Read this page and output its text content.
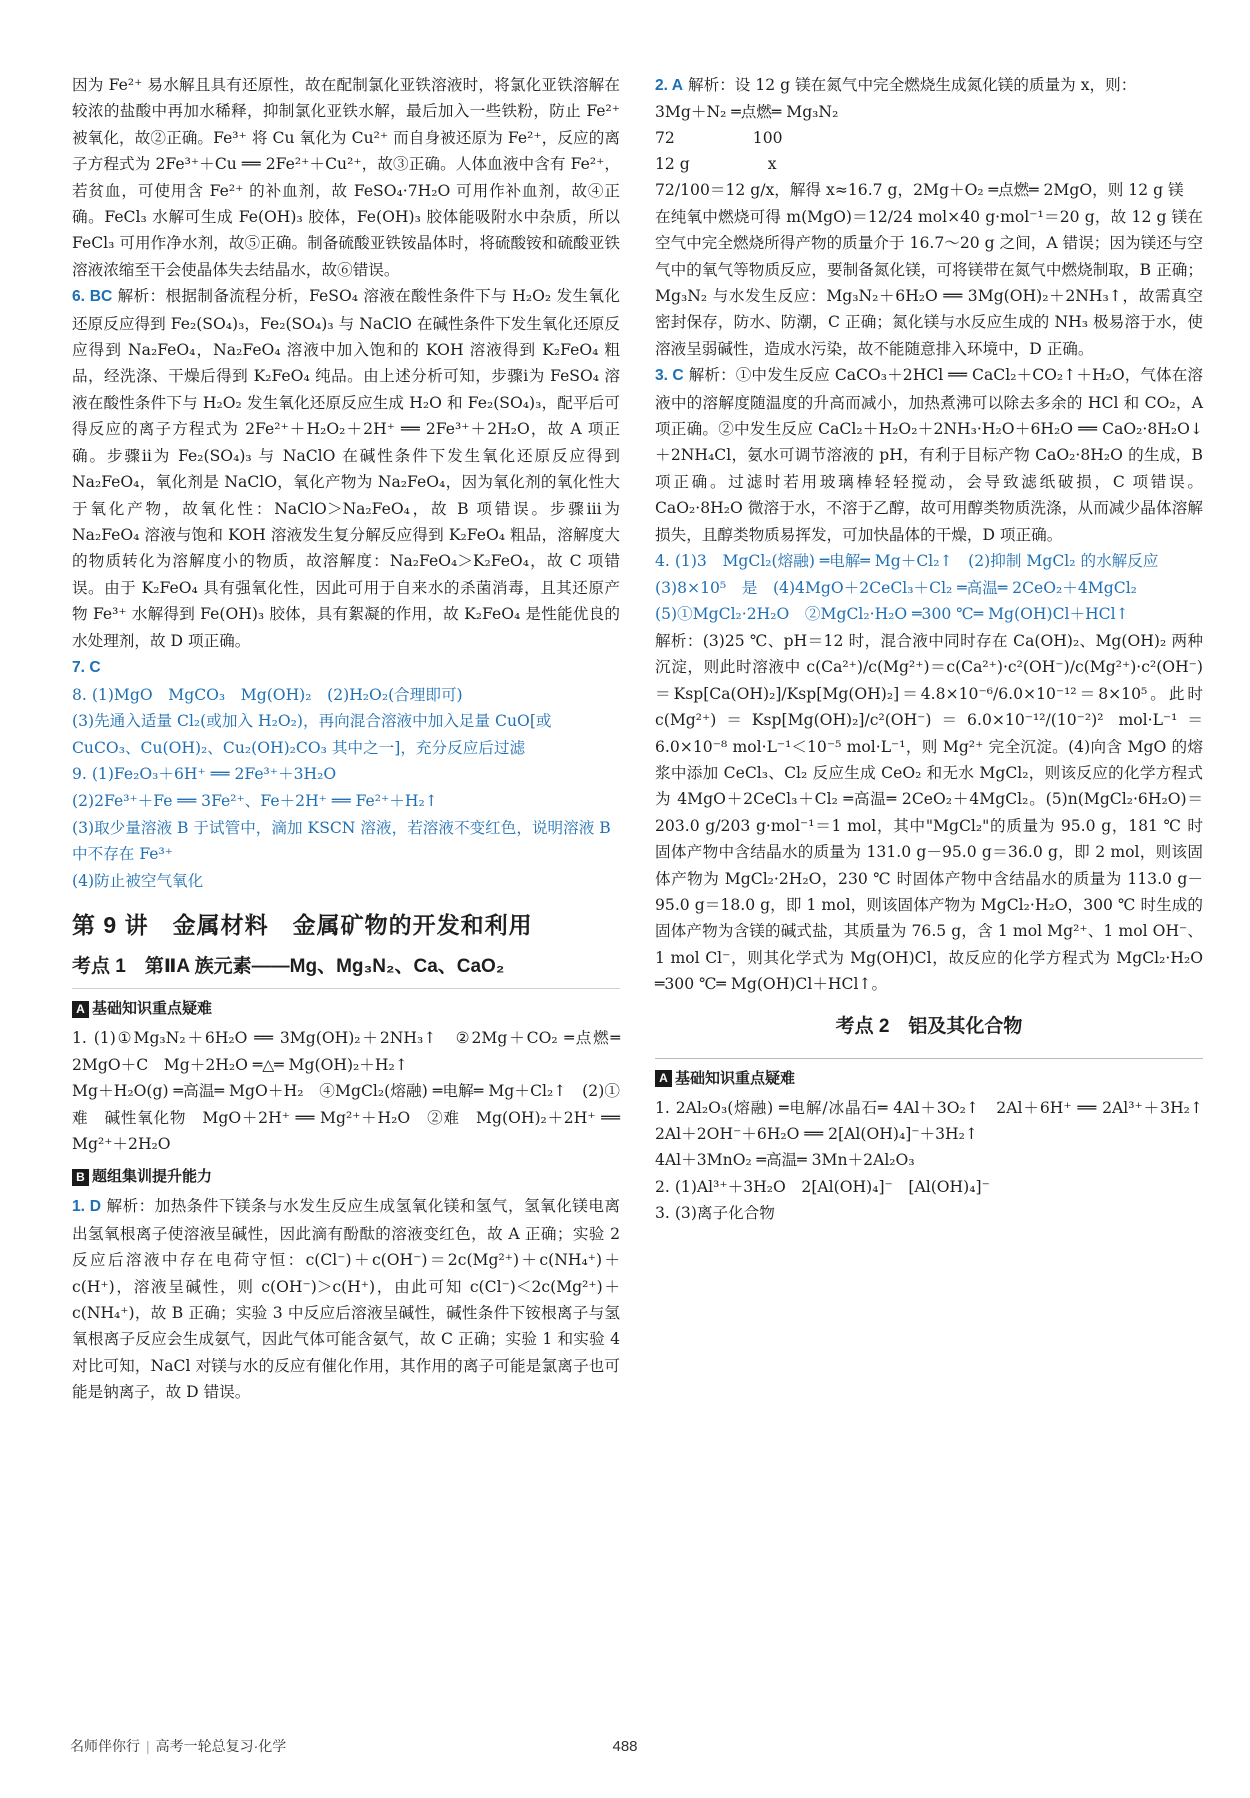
因为 Fe²⁺ 易水解且具有还原性，故在配制氯化亚铁溶液时，将氯化亚铁溶解在较浓的盐酸中再加水稀释，抑制氯化亚铁水解，最后加入一些铁粉，防止 Fe²⁺ 被氧化，故②正确。Fe³⁺ 将 Cu 氧化为 Cu²⁺ 而自身被还原为 Fe²⁺，反应的离子方程式为 2Fe³⁺＋Cu ══ 2Fe²⁺＋Cu²⁺，故③正确。人体血液中含有 Fe²⁺，若贫血，可使用含 Fe²⁺ 的补血剂，故 FeSO₄·7H₂O 可用作补血剂，故④正确。FeCl₃ 水解可生成 Fe(OH)₃ 胶体，Fe(OH)₃ 胶体能吸附水中杂质，所以 FeCl₃ 可用作净水剂，故⑤正确。制备硫酸亚铁铵晶体时，将硫酸铵和硫酸亚铁溶液浓缩至干会使晶体失去结晶水，故⑥错误。

6. BC 解析：根据制备流程分析，FeSO₄ 溶液在酸性条件下与 H₂O₂ 发生氧化还原反应得到 Fe₂(SO₄)₃，Fe₂(SO₄)₃ 与 NaClO 在碱性条件下发生氧化还原反应得到 Na₂FeO₄，Na₂FeO₄ 溶液中加入饱和的 KOH 溶液得到 K₂FeO₄ 粗品，经洗涤、干燥后得到 K₂FeO₄ 纯品。由上述分析可知，步骤ⅰ为 FeSO₄ 溶液在酸性条件下与 H₂O₂ 发生氧化还原反应生成 H₂O 和 Fe₂(SO₄)₃，配平后可得反应的离子方程式为 2Fe²⁺＋H₂O₂＋2H⁺ ══ 2Fe³⁺＋2H₂O，故 A 项正确。步骤ⅱ为 Fe₂(SO₄)₃ 与 NaClO 在碱性条件下发生氧化还原反应得到 Na₂FeO₄，氧化剂是 NaClO，氧化产物为 Na₂FeO₄，因为氧化剂的氧化性大于氧化产物，故氧化性：NaClO＞Na₂FeO₄，故 B 项错误。步骤ⅲ为 Na₂FeO₄ 溶液与饱和 KOH 溶液发生复分解反应得到 K₂FeO₄ 粗品，溶解度大的物质转化为溶解度小的物质，故溶解度：Na₂FeO₄＞K₂FeO₄，故 C 项错误。由于 K₂FeO₄ 具有强氧化性，因此可用于自来水的杀菌消毒，且其还原产物 Fe³⁺ 水解得到 Fe(OH)₃ 胶体，具有絮凝的作用，故 K₂FeO₄ 是性能优良的水处理剂，故 D 项正确。

7. C

8. (1)MgO　MgCO₃　Mg(OH)₂　(2)H₂O₂(合理即可)

(3)先通入适量 Cl₂(或加入 H₂O₂)，再向混合溶液中加入足量 CuO[或 CuCO₃、Cu(OH)₂、Cu₂(OH)₂CO₃ 其中之一]，充分反应后过滤

9. (1)Fe₂O₃＋6H⁺ ══ 2Fe³⁺＋3H₂O

(2)2Fe³⁺＋Fe ══ 3Fe²⁺、Fe＋2H⁺ ══ Fe²⁺＋H₂↑

(3)取少量溶液 B 于试管中，滴加 KSCN 溶液，若溶液不变红色，说明溶液 B 中不存在 Fe³⁺

(4)防止被空气氧化

第 9 讲　金属材料　金属矿物的开发和利用
考点 1　第ⅡA 族元素——Mg、Mg₃N₂、Ca、CaO₂
A 基础知识重点疑难

1. (1)①Mg₃N₂＋6H₂O ══ 3Mg(OH)₂＋2NH₃↑　②2Mg＋CO₂ ═点燃═ 2MgO＋C　Mg＋2H₂O ═△═ Mg(OH)₂＋H₂↑

Mg＋H₂O(g) ═高温═ MgO＋H₂　④MgCl₂(熔融) ═电解═ Mg＋Cl₂↑　(2)①难　碱性氧化物　MgO＋2H⁺ ══ Mg²⁺＋H₂O　②难　Mg(OH)₂＋2H⁺ ══ Mg²⁺＋2H₂O

B 题组集训提升能力

1. D 解析：加热条件下镁条与水发生反应生成氢氧化镁和氢气，氢氧化镁电离出氢氧根离子使溶液呈碱性，因此滴有酚酞的溶液变红色，故 A 正确；实验 2 反应后溶液中存在电荷守恒：c(Cl⁻)＋c(OH⁻)＝2c(Mg²⁺)＋c(NH₄⁺)＋c(H⁺)，溶液呈碱性，则 c(OH⁻)＞c(H⁺)，由此可知 c(Cl⁻)＜2c(Mg²⁺)＋c(NH₄⁺)，故 B 正确；实验 3 中反应后溶液呈碱性，碱性条件下铵根离子与氢氧根离子反应会生成氨气，因此气体可能含氨气，故 C 正确；实验 1 和实验 4 对比可知，NaCl 对镁与水的反应有催化作用，其作用的离子可能是氯离子也可能是钠离子，故 D 错误。

2. A 解析：设 12 g 镁在氮气中完全燃烧生成氮化镁的质量为 x，则：

3Mg＋N₂ ═点燃═ Mg₃N₂

72　　　　　100

12 g　　　　　x

72/100＝12 g/x，解得 x≈16.7 g，2Mg＋O₂ ═点燃═ 2MgO，则 12 g 镁

在纯氧中燃烧可得 m(MgO)＝12/24 mol×40 g·mol⁻¹＝20 g，故 12 g 镁在空气中完全燃烧所得产物的质量介于 16.7～20 g 之间，A 错误；因为镁还与空气中的氧气等物质反应，要制备氮化镁，可将镁带在氮气中燃烧制取，B 正确；Mg₃N₂ 与水发生反应：Mg₃N₂＋6H₂O ══ 3Mg(OH)₂＋2NH₃↑，故需真空密封保存，防水、防潮，C 正确；氮化镁与水反应生成的 NH₃ 极易溶于水，使溶液呈弱碱性，造成水污染，故不能随意排入环境中，D 正确。

3. C 解析：①中发生反应 CaCO₃＋2HCl ══ CaCl₂＋CO₂↑＋H₂O，气体在溶液中的溶解度随温度的升高而减小，加热煮沸可以除去多余的 HCl 和 CO₂，A 项正确。②中发生反应 CaCl₂＋H₂O₂＋2NH₃·H₂O＋6H₂O ══ CaO₂·8H₂O↓＋2NH₄Cl，氨水可调节溶液的 pH，有利于目标产物 CaO₂·8H₂O 的生成，B 项正确。过滤时若用玻璃棒轻轻搅动，会导致滤纸破损，C 项错误。CaO₂·8H₂O 微溶于水，不溶于乙醇，故可用醇类物质洗涤，从而减少晶体溶解损失，且醇类物质易挥发，可加快晶体的干燥，D 项正确。

4. (1)3　MgCl₂(熔融) ═电解═ Mg＋Cl₂↑　(2)抑制 MgCl₂ 的水解反应　(3)8×10⁵　是　(4)4MgO＋2CeCl₃＋Cl₂ ═高温═ 2CeO₂＋4MgCl₂　(5)①MgCl₂·2H₂O　②MgCl₂·H₂O ═300 ℃═ Mg(OH)Cl＋HCl↑

解析：(3)25 ℃、pH＝12 时，混合液中同时存在 Ca(OH)₂、Mg(OH)₂ 两种沉淀，则此时溶液中 c(Ca²⁺)/c(Mg²⁺)＝c(Ca²⁺)·c²(OH⁻)/c(Mg²⁺)·c²(OH⁻)＝Ksp[Ca(OH)₂]/Ksp[Mg(OH)₂]＝4.8×10⁻⁶/6.0×10⁻¹²＝8×10⁵。此时 c(Mg²⁺)＝Ksp[Mg(OH)₂]/c²(OH⁻)＝6.0×10⁻¹²/(10⁻²)² mol·L⁻¹＝6.0×10⁻⁸ mol·L⁻¹＜10⁻⁵ mol·L⁻¹，则 Mg²⁺ 完全沉淀。(4)向含 MgO 的熔浆中添加 CeCl₃、Cl₂ 反应生成 CeO₂ 和无水 MgCl₂，则该反应的化学方程式为 4MgO＋2CeCl₃＋Cl₂ ═高温═ 2CeO₂＋4MgCl₂。(5)n(MgCl₂·6H₂O)＝203.0 g/203 g·mol⁻¹＝1 mol，其中"MgCl₂"的质量为 95.0 g，181 ℃ 时固体产物中含结晶水的质量为 131.0 g－95.0 g＝36.0 g，即 2 mol，则该固体产物为 MgCl₂·2H₂O，230 ℃ 时固体产物中含结晶水的质量为 113.0 g－95.0 g＝18.0 g，即 1 mol，则该固体产物为 MgCl₂·H₂O，300 ℃ 时生成的固体产物为含镁的碱式盐，其质量为 76.5 g，含 1 mol Mg²⁺、1 mol OH⁻、1 mol Cl⁻，则其化学式为 Mg(OH)Cl，故反应的化学方程式为 MgCl₂·H₂O ═300 ℃═ Mg(OH)Cl＋HCl↑。

考点 2　铝及其化合物
A 基础知识重点疑难

1. 2Al₂O₃(熔融) ═电解/冰晶石═ 4Al＋3O₂↑　2Al＋6H⁺ ══ 2Al³⁺＋3H₂↑　2Al＋2OH⁻＋6H₂O ══ 2[Al(OH)₄]⁻＋3H₂↑

4Al＋3MnO₂ ═高温═ 3Mn＋2Al₂O₃

2. (1)Al³⁺＋3H₂O　2[Al(OH)₄]⁻　[Al(OH)₄]⁻

3. (3)离子化合物

名师伴你行 | 高考一轮总复习·化学	488
